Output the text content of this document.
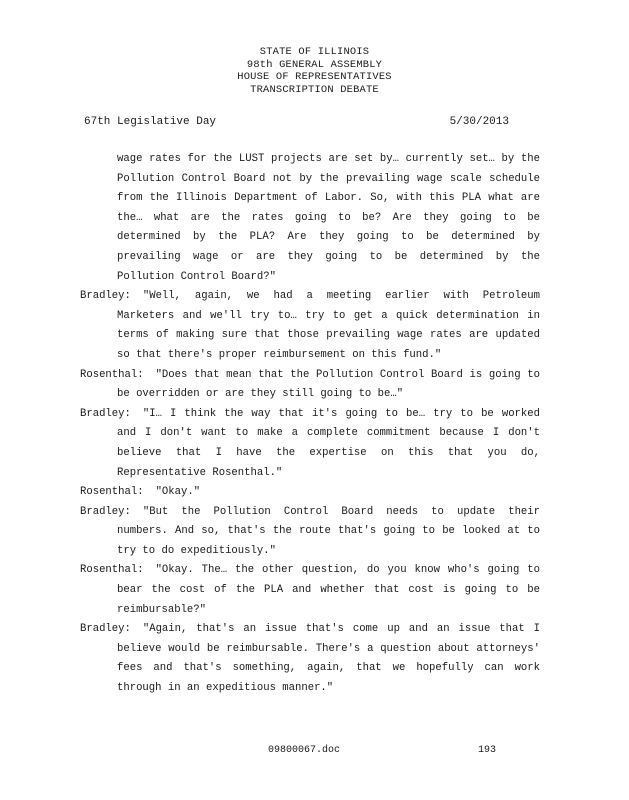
STATE OF ILLINOIS
98th GENERAL ASSEMBLY
HOUSE OF REPRESENTATIVES
TRANSCRIPTION DEBATE
67th Legislative Day	5/30/2013
wage rates for the LUST projects are set by… currently set… by the Pollution Control Board not by the prevailing wage scale schedule from the Illinois Department of Labor. So, with this PLA what are the… what are the rates going to be? Are they going to be determined by the PLA? Are they going to be determined by prevailing wage or are they going to be determined by the Pollution Control Board?"
Bradley:	"Well, again, we had a meeting earlier with Petroleum Marketers and we'll try to… try to get a quick determination in terms of making sure that those prevailing wage rates are updated so that there's proper reimbursement on this fund."
Rosenthal:	"Does that mean that the Pollution Control Board is going to be overridden or are they still going to be…"
Bradley:	"I… I think the way that it's going to be… try to be worked and I don't want to make a complete commitment because I don't believe that I have the expertise on this that you do, Representative Rosenthal."
Rosenthal:	"Okay."
Bradley:	"But the Pollution Control Board needs to update their numbers. And so, that's the route that's going to be looked at to try to do expeditiously."
Rosenthal:	"Okay. The… the other question, do you know who's going to bear the cost of the PLA and whether that cost is going to be reimbursable?"
Bradley:	"Again, that's an issue that's come up and an issue that I believe would be reimbursable. There's a question about attorneys' fees and that's something, again, that we hopefully can work through in an expeditious manner."
09800067.doc	193
